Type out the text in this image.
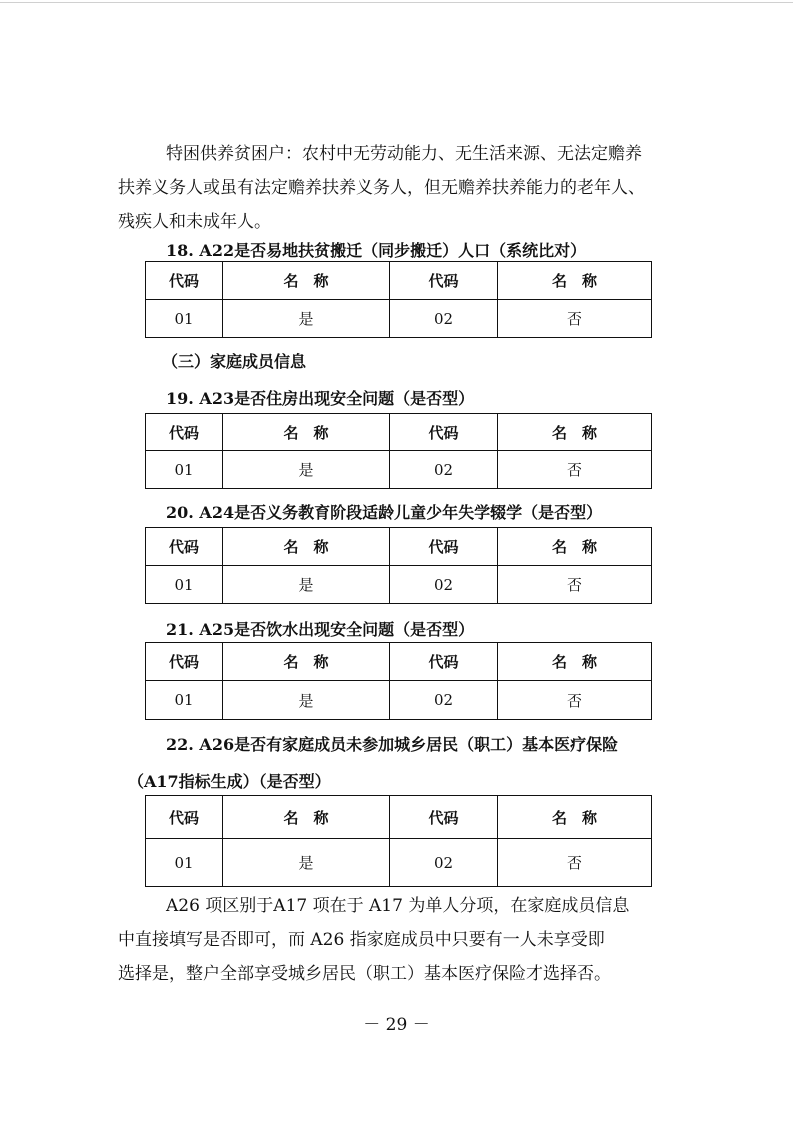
特困供养贫困户：农村中无劳动能力、无生活来源、无法定赡养
扶养义务人或虽有法定赡养扶养义务人，但无赡养扶养能力的老年人、
残疾人和未成年人。
18. A22是否易地扶贫搬迁（同步搬迁）人口（系统比对）
代码	名　称	代码	名　称
01	是	02	否
（三）家庭成员信息
19. A23是否住房出现安全问题（是否型）
代码	名　称	代码	名　称
01	是	02	否
20. A24是否义务教育阶段适龄儿童少年失学辍学（是否型）
代码	名　称	代码	名　称
01	是	02	否
21. A25是否饮水出现安全问题（是否型）
代码	名　称	代码	名　称
01	是	02	否
22. A26是否有家庭成员未参加城乡居民（职工）基本医疗保险
（A17指标生成）（是否型）
代码	名　称	代码	名　称
01	是	02	否
A26 项区别于A17 项在于 A17 为单人分项，在家庭成员信息
中直接填写是否即可，而 A26 指家庭成员中只要有一人未享受即
选择是，整户全部享受城乡居民（职工）基本医疗保险才选择否。
－ 29 －
